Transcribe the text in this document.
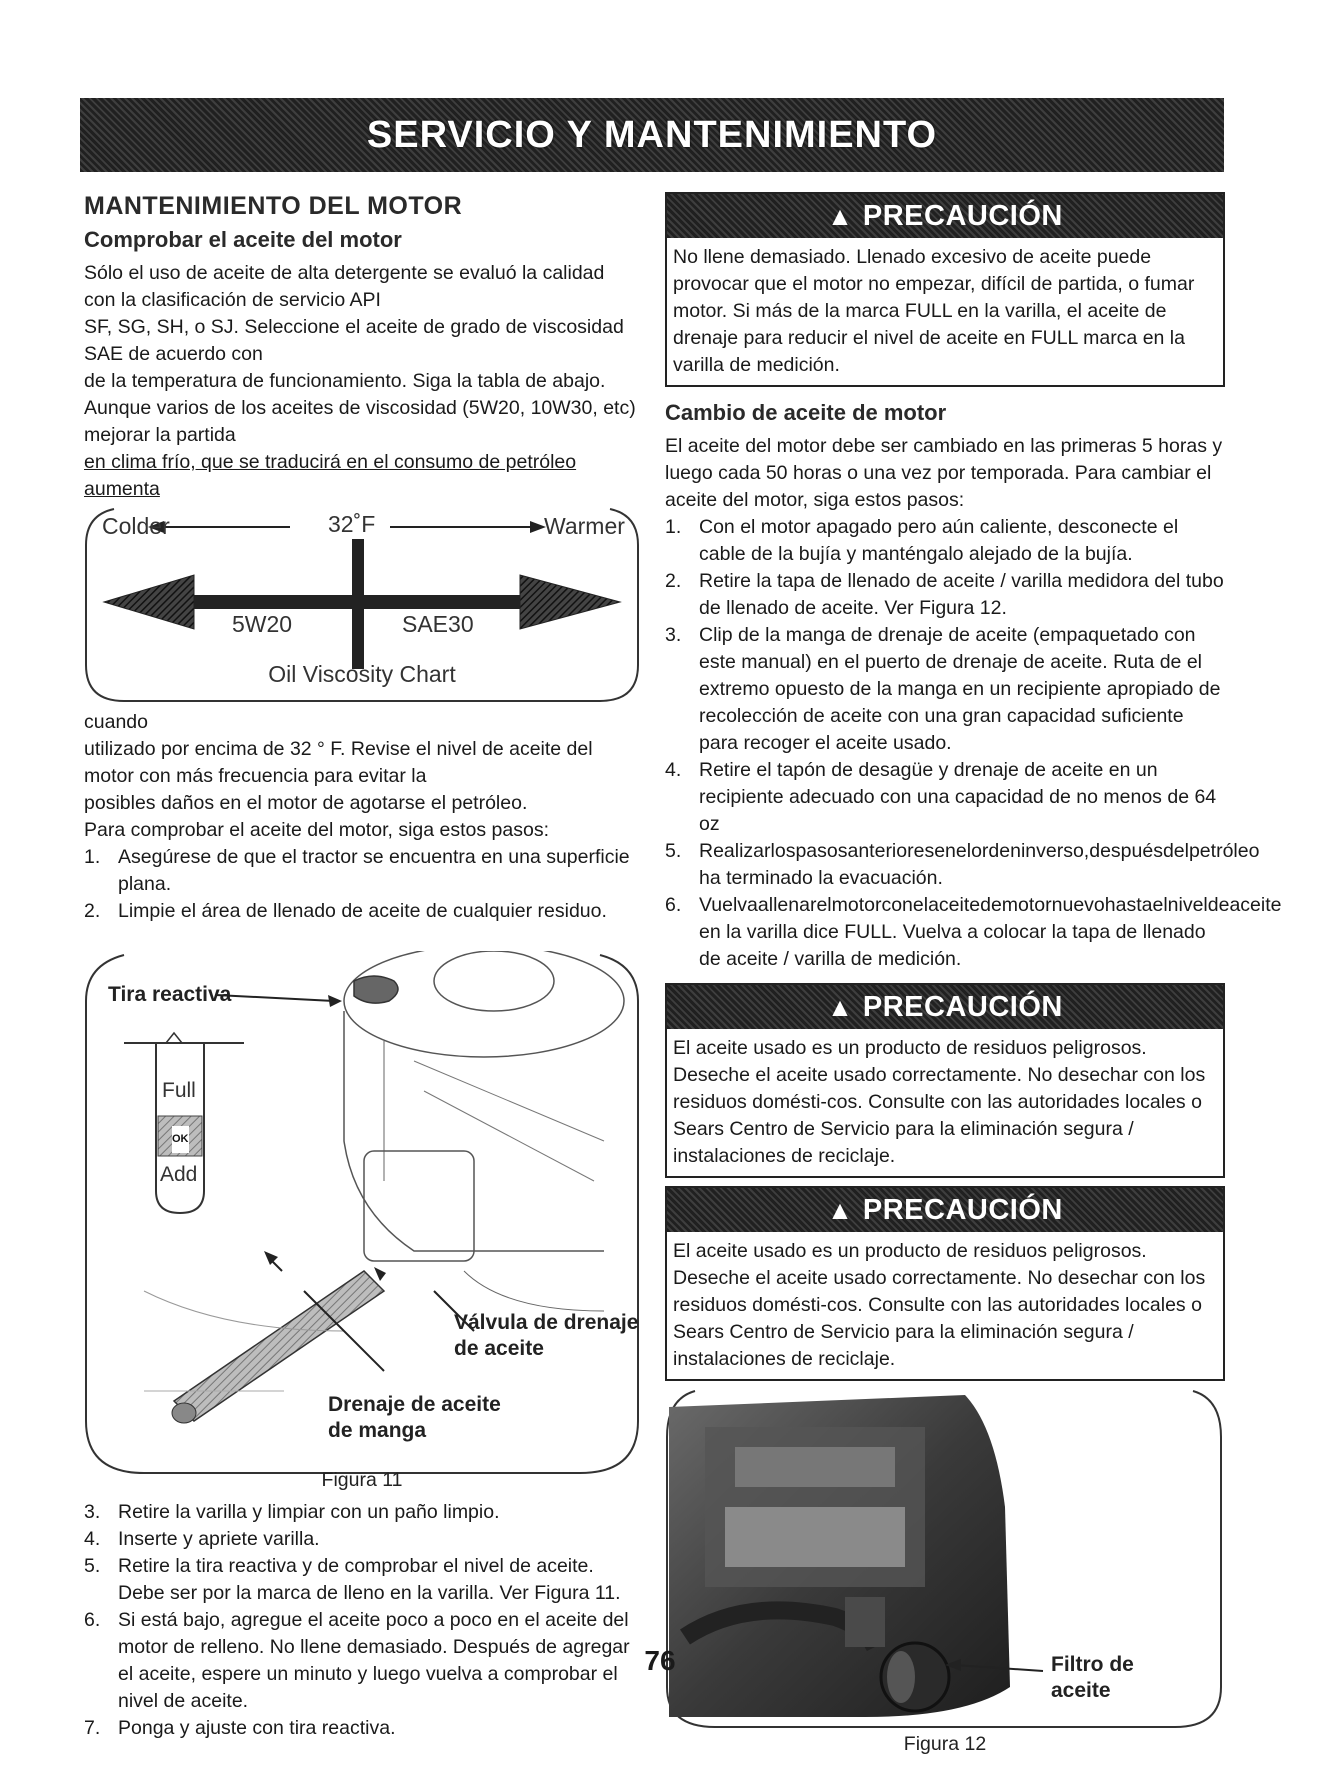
SERVICIO Y MANTENIMIENTO
MANTENIMIENTO DEL MOTOR
Comprobar el aceite del motor

Sólo el uso de aceite de alta detergente se evaluó la calidad con la clasificación de servicio API

SF, SG, SH, o SJ. Seleccione el aceite de grado de viscosidad SAE de acuerdo con

de la temperatura de funcionamiento. Siga la tabla de abajo.

Aunque varios de los aceites de viscosidad (5W20, 10W30, etc) mejorar la partida

en clima frío, que se traducirá en el consumo de petróleo aumenta

Colder	32˚F	Warmer
5W20	SAE30
Oil Viscosity Chart

cuando

utilizado por encima de 32 ° F. Revise el nivel de aceite del motor con más frecuencia para evitar la

posibles daños en el motor de agotarse el petróleo.

Para comprobar el aceite del motor, siga estos pasos:

1. Asegúrese de que el tractor se encuentra en una superficie plana.
2. Limpie el área de llenado de aceite de cualquier residuo.
Tira reactiva
Full
OK
Add
Válvula de drenaje
de aceite
Drenaje de aceite
de manga
Figura 11
3. Retire la varilla y limpiar con un paño limpio.
4. Inserte y apriete varilla.
5. Retire la tira reactiva y de comprobar el nivel de aceite. Debe ser por la marca de lleno en la varilla. Ver Figura 11.
6. Si está bajo, agregue el aceite poco a poco en el aceite del motor de relleno. No llene demasiado. Después de agregar el aceite, espere un minuto y luego vuelva a comprobar el nivel de aceite.
7. Ponga y ajuste con tira reactiva.
▲ PRECAUCIÓN
No llene demasiado. Llenado excesivo de aceite puede provocar que el motor no empezar, difícil de partida, o fumar motor. Si más de la marca FULL en la varilla, el aceite de drenaje para reducir el nivel de aceite en FULL marca en la varilla de medición.
Cambio de aceite de motor

El aceite del motor debe ser cambiado en las primeras 5 horas y luego cada 50 horas o una vez por temporada. Para cambiar el aceite del motor, siga estos pasos:

1. Con el motor apagado pero aún caliente, desconecte el cable de la bujía y manténgalo alejado de la bujía.
2. Retire la tapa de llenado de aceite / varilla medidora del tubo de llenado de aceite. Ver Figura 12.
3. Clip de la manga de drenaje de aceite (empaquetado con este manual) en el puerto de drenaje de aceite. Ruta de el extremo opuesto de la manga en un recipiente apropiado de recolección de aceite con una gran capacidad suficiente para recoger el aceite usado.
4. Retire el tapón de desagüe y drenaje de aceite en un recipiente adecuado con una capacidad de no menos de 64 oz
5. Realizarlospasosanterioresenelordeninverso,despuésdelpetróleo ha terminado la evacuación.
6. Vuelvaallenarelmotorconelaceitedemotornuevohastaelniveldeaceite en la varilla dice FULL. Vuelva a colocar la tapa de llenado de aceite / varilla de medición.
▲ PRECAUCIÓN
El aceite usado es un producto de residuos peligrosos. Deseche el aceite usado correctamente. No desechar con los residuos domésti-cos. Consulte con las autoridades locales o Sears Centro de Servicio para la eliminación segura / instalaciones de reciclaje.
▲ PRECAUCIÓN
El aceite usado es un producto de residuos peligrosos. Deseche el aceite usado correctamente. No desechar con los residuos domésti-cos. Consulte con las autoridades locales o Sears Centro de Servicio para la eliminación segura / instalaciones de reciclaje.
Filtro de
aceite
Figura 12
76
